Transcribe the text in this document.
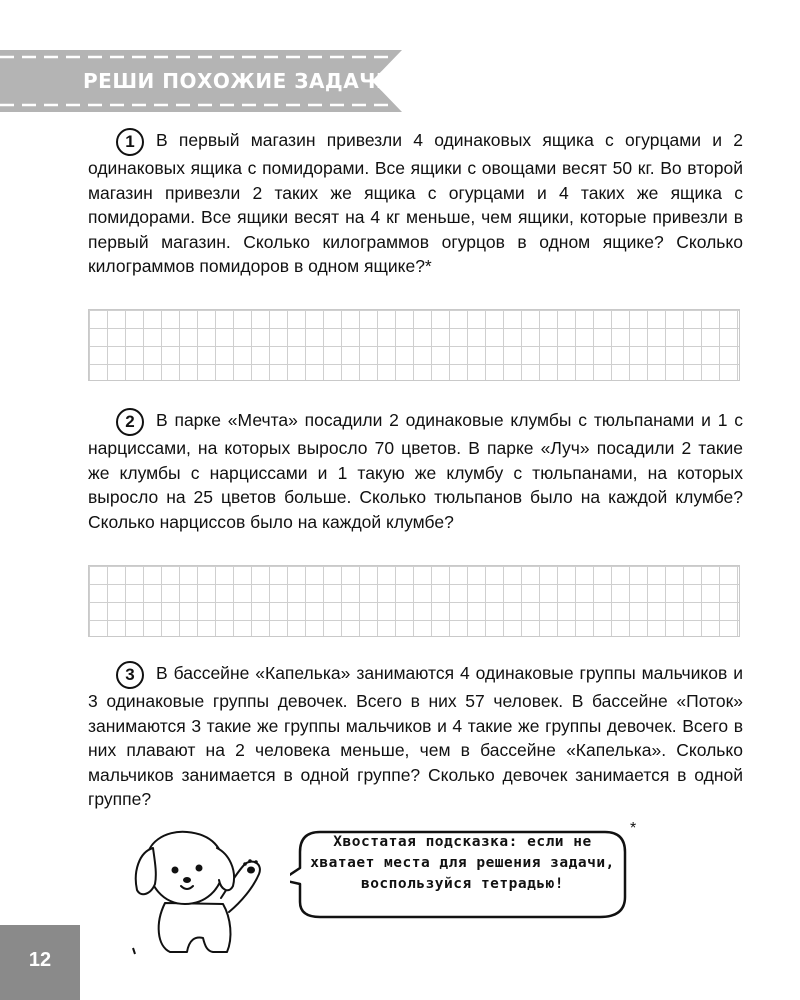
РЕШИ ПОХОЖИЕ ЗАДАЧИ

1 В первый магазин привезли 4 одинаковых ящика с огурцами и 2 одинаковых ящика с помидорами. Все ящики с овощами весят 50 кг. Во второй магазин привезли 2 таких же ящика с огурцами и 4 таких же ящика с помидорами. Все ящики весят на 4 кг меньше, чем ящики, которые привезли в первый магазин. Сколько килограммов огурцов в одном ящике? Сколько килограммов помидоров в одном ящике?*

2 В парке «Мечта» посадили 2 одинаковые клумбы с тюльпанами и 1 с нарциссами, на которых выросло 70 цветов. В парке «Луч» посадили 2 такие же клумбы с нарциссами и 1 такую же клумбу с тюльпанами, на которых выросло на 25 цветов больше. Сколько тюльпанов было на каждой клумбе? Сколько нарциссов было на каждой клумбе?

3 В бассейне «Капелька» занимаются 4 одинаковые группы мальчиков и 3 одинаковые группы девочек. Всего в них 57 человек. В бассейне «Поток» занимаются 3 такие же группы мальчиков и 4 такие же группы девочек. Всего в них плавают на 2 человека меньше, чем в бассейне «Капелька». Сколько мальчиков занимается в одной группе? Сколько девочек занимается в одной группе?

Хвостатая подсказка: если не хватает места для решения задачи, воспользуйся тетрадью!
*
12
